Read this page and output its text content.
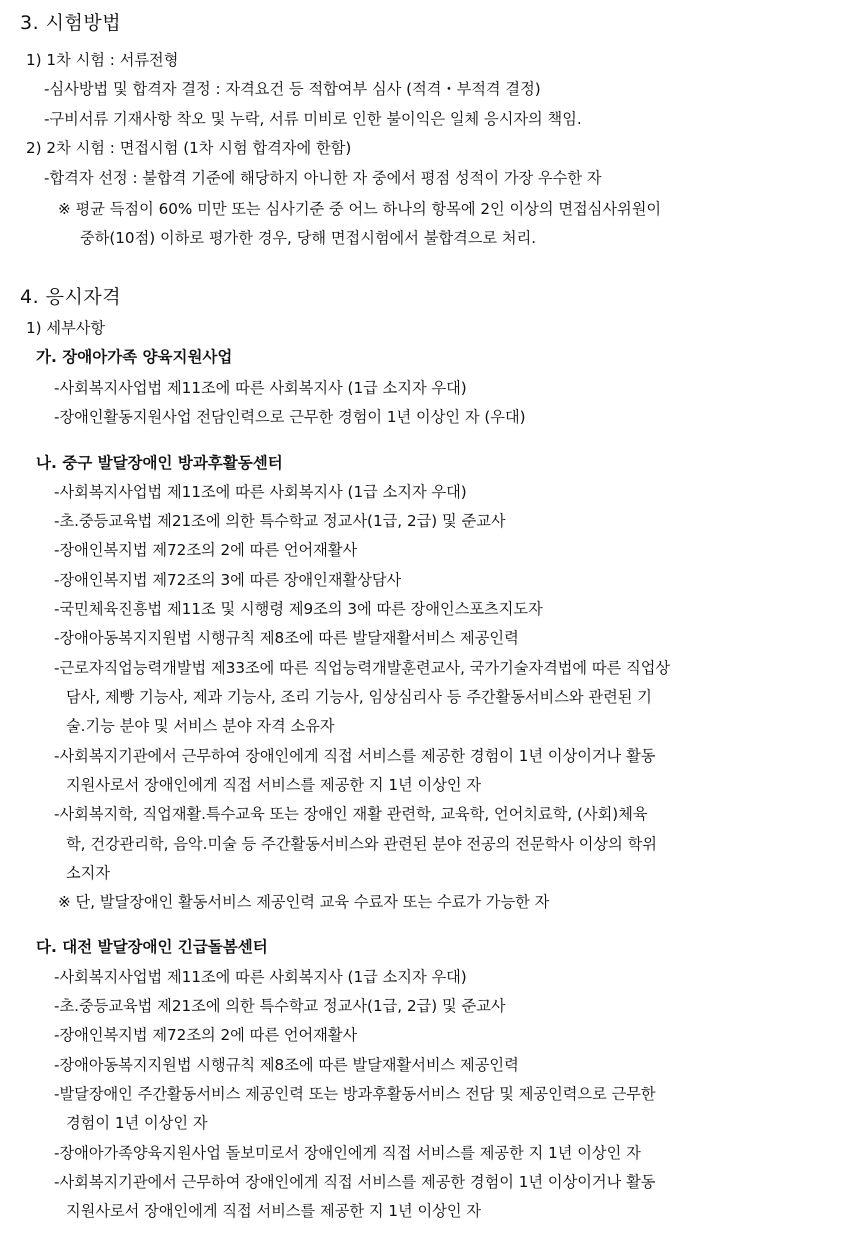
3. 시험방법
1) 1차 시험 : 서류전형
-심사방법 및 합격자 결정 : 자격요건 등 적합여부 심사 (적격・부적격 결정)
-구비서류 기재사항 착오 및 누락, 서류 미비로 인한 불이익은 일체 응시자의 책임.
2) 2차 시험 : 면접시험 (1차 시험 합격자에 한함)
-합격자 선정 : 불합격 기준에 해당하지 아니한 자 중에서 평점 성적이 가장 우수한 자
※ 평균 득점이 60% 미만 또는 심사기준 중 어느 하나의 항목에 2인 이상의 면접심사위원이
중하(10점) 이하로 평가한 경우, 당해 면접시험에서 불합격으로 처리.
4. 응시자격
1) 세부사항
가. 장애아가족 양육지원사업
-사회복지사업법 제11조에 따른 사회복지사 (1급 소지자 우대)
-장애인활동지원사업 전담인력으로 근무한 경험이 1년 이상인 자 (우대)
나. 중구 발달장애인 방과후활동센터
-사회복지사업법 제11조에 따른 사회복지사 (1급 소지자 우대)
-초.중등교육법 제21조에 의한 특수학교 정교사(1급, 2급) 및 준교사
-장애인복지법 제72조의 2에 따른 언어재활사
-장애인복지법 제72조의 3에 따른 장애인재활상담사
-국민체육진흥법 제11조 및 시행령 제9조의 3에 따른 장애인스포츠지도자
-장애아동복지지원법 시행규칙 제8조에 따른 발달재활서비스 제공인력
-근로자직업능력개발법 제33조에 따른 직업능력개발훈련교사, 국가기술자격법에 따른 직업상
담사, 제빵 기능사, 제과 기능사, 조리 기능사, 임상심리사 등 주간활동서비스와 관련된 기
술.기능 분야 및 서비스 분야 자격 소유자
-사회복지기관에서 근무하여 장애인에게 직접 서비스를 제공한 경험이 1년 이상이거나 활동
지원사로서 장애인에게 직접 서비스를 제공한 지 1년 이상인 자
-사회복지학, 직업재활.특수교육 또는 장애인 재활 관련학, 교육학, 언어치료학, (사회)체육
학, 건강관리학, 음악.미술 등 주간활동서비스와 관련된 분야 전공의 전문학사 이상의 학위
소지자
※ 단, 발달장애인 활동서비스 제공인력 교육 수료자 또는 수료가 가능한 자
다. 대전 발달장애인 긴급돌봄센터
-사회복지사업법 제11조에 따른 사회복지사 (1급 소지자 우대)
-초.중등교육법 제21조에 의한 특수학교 정교사(1급, 2급) 및 준교사
-장애인복지법 제72조의 2에 따른 언어재활사
-장애아동복지지원법 시행규칙 제8조에 따른 발달재활서비스 제공인력
-발달장애인 주간활동서비스 제공인력 또는 방과후활동서비스 전담 및 제공인력으로 근무한
경험이 1년 이상인 자
-장애아가족양육지원사업 돌보미로서 장애인에게 직접 서비스를 제공한 지 1년 이상인 자
-사회복지기관에서 근무하여 장애인에게 직접 서비스를 제공한 경험이 1년 이상이거나 활동
지원사로서 장애인에게 직접 서비스를 제공한 지 1년 이상인 자
